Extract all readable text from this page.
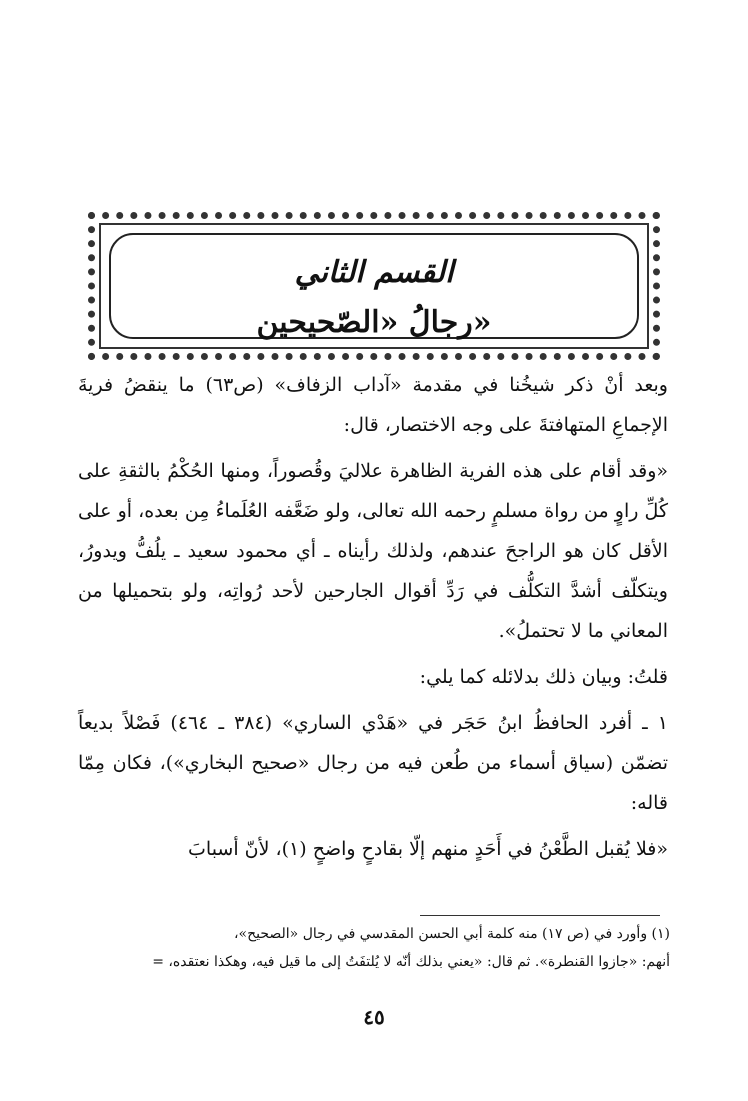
القسم الثاني
رجالُ «الصّحيحين»

وبعد أنْ ذكر شيخُنا في مقدمة «آداب الزفاف» (ص٦٣) ما ينقضُ فريةَ الإجماعِ المتهافتةَ على وجه الاختصار، قال:

«وقد أقام على هذه الفرية الظاهرة علاليَ وقُصوراً، ومنها الحُكْمُ بالثقةِ على كُلِّ راوٍ من رواة مسلمٍ رحمه الله تعالى، ولو ضَعَّفه العُلَماءُ مِن بعده، أو على الأقل كان هو الراجحَ عندهم، ولذلك رأيناه ـ أي محمود سعيد ـ يلُفُّ ويدورُ، ويتكلّف أشدَّ التكلُّف في رَدِّ أقوال الجارحين لأحد رُواتِه، ولو بتحميلها من المعاني ما لا تحتملُ».

قلتُ: وبيان ذلك بدلائله كما يلي:

١ ـ أفرد الحافظُ ابنُ حَجَر في «هَدْي الساري» (٣٨٤ ـ ٤٦٤) فَصْلاً بديعاً تضمّن (سياق أسماء من طُعن فيه من رجال «صحيح البخاري»)، فكان مِمّا قاله:

«فلا يُقبل الطَّعْنُ في أَحَدٍ منهم إلّا بقادحٍ واضحٍ (١)، لأنّ أسبابَ

(١) وأورد في (ص ١٧) منه كلمة أبي الحسن المقدسي في رجال «الصحيح»،

أنهم: «جازوا القنطرة». ثم قال: «يعني بذلك أنّه لا يُلتفَتُ إلى ما قيل فيه، وهكذا نعتقده، =

٤٥
